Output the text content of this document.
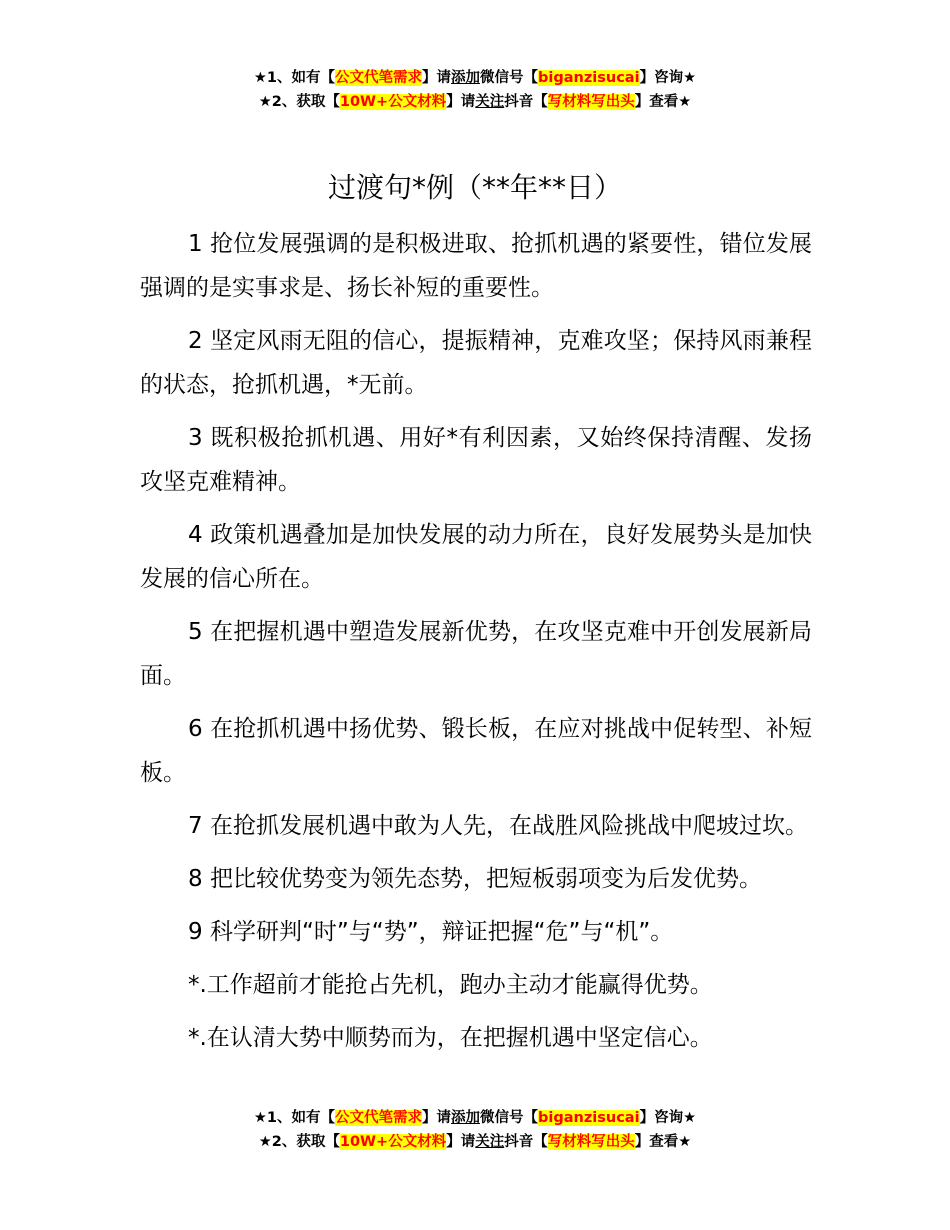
★1、如有【公文代笔需求】请添加微信号【biganzisucai】咨询★
★2、获取【10W+公文材料】请关注抖音【写材料写出头】查看★
过渡句*例（**年**日）

1 抢位发展强调的是积极进取、抢抓机遇的紧要性，错位发展强调的是实事求是、扬长补短的重要性。

2 坚定风雨无阻的信心，提振精神，克难攻坚；保持风雨兼程的状态，抢抓机遇，*无前。

3 既积极抢抓机遇、用好*有利因素，又始终保持清醒、发扬攻坚克难精神。

4 政策机遇叠加是加快发展的动力所在，良好发展势头是加快发展的信心所在。

5 在把握机遇中塑造发展新优势，在攻坚克难中开创发展新局面。

6 在抢抓机遇中扬优势、锻长板，在应对挑战中促转型、补短板。

7 在抢抓发展机遇中敢为人先，在战胜风险挑战中爬坡过坎。

8 把比较优势变为领先态势，把短板弱项变为后发优势。

9 科学研判“时”与“势”，辩证把握“危”与“机”。

*.工作超前才能抢占先机，跑办主动才能赢得优势。

*.在认清大势中顺势而为，在把握机遇中坚定信心。

★1、如有【公文代笔需求】请添加微信号【biganzisucai】咨询★
★2、获取【10W+公文材料】请关注抖音【写材料写出头】查看★
